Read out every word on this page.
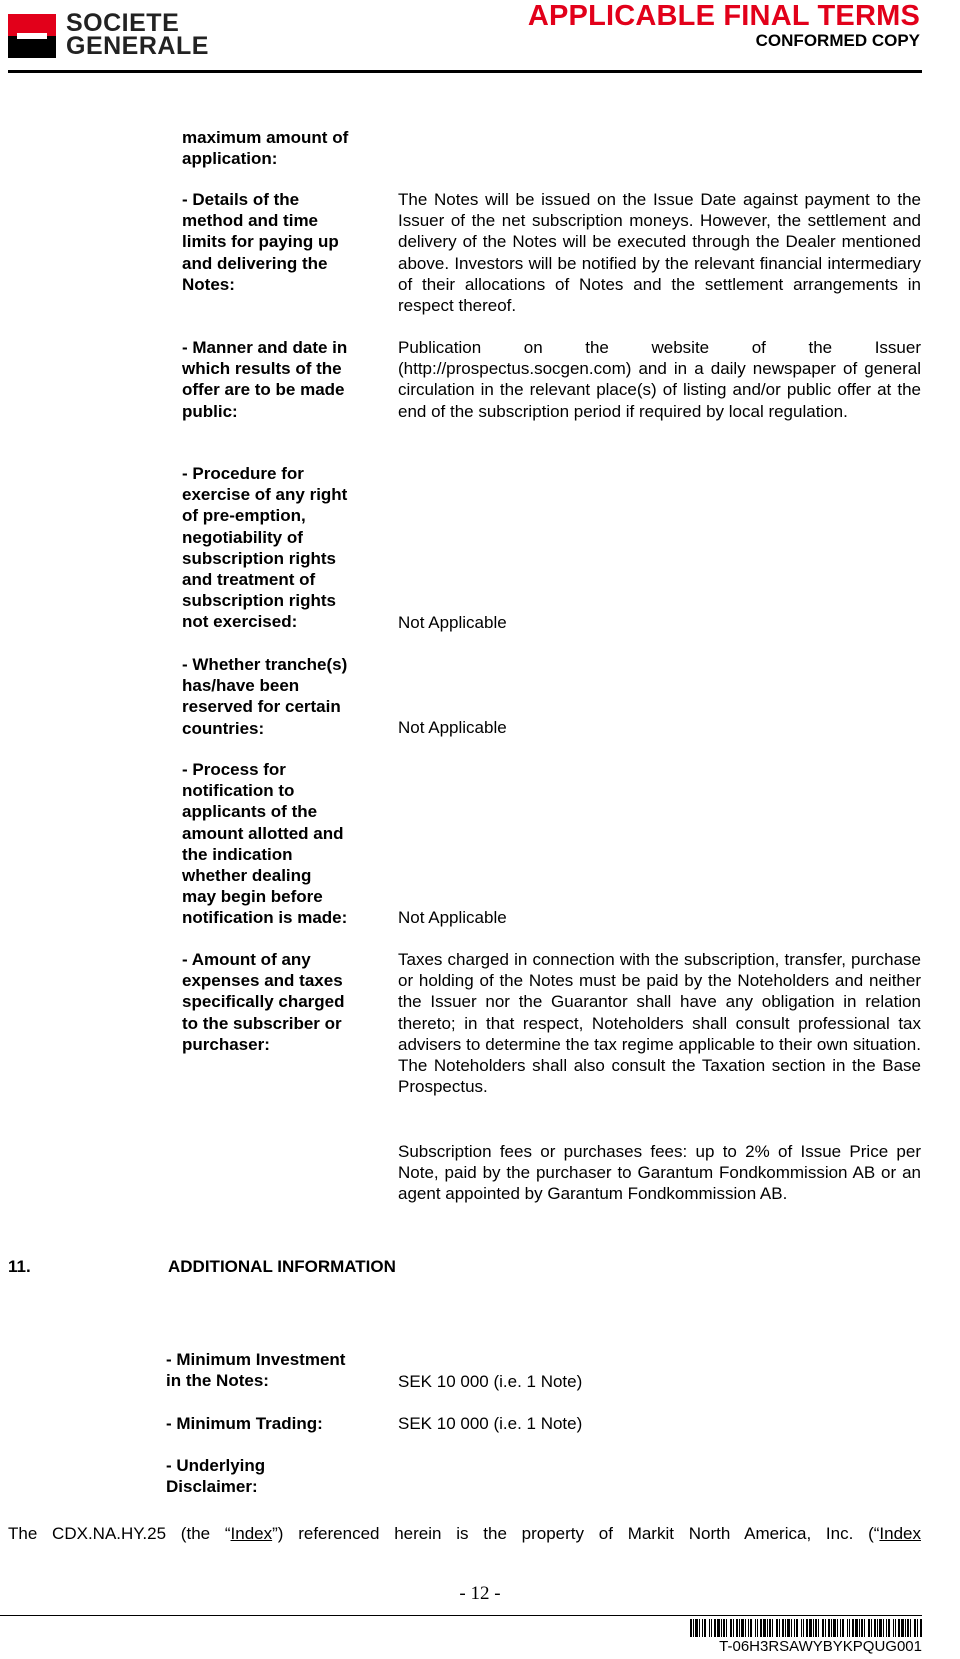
SOCIETE
GENERALE
APPLICABLE FINAL TERMS
CONFORMED COPY
maximum amount of
application:
- Details of the
method and time
limits for paying up
and delivering the
Notes:
The Notes will be issued on the Issue Date against payment to the Issuer of the net subscription moneys. However, the settlement and delivery of the Notes will be executed through the Dealer mentioned above. Investors will be notified by the relevant financial intermediary of their allocations of Notes and the settlement arrangements in respect thereof.
- Manner and date in
which results of the
offer are to be made
public:
Publication on the website of the Issuer (http://prospectus.socgen.com) and in a daily newspaper of general circulation in the relevant place(s) of listing and/or public offer at the end of the subscription period if required by local regulation.
- Procedure for
exercise of any right
of pre-emption,
negotiability of
subscription rights
and treatment of
subscription rights
not exercised:	Not Applicable
- Whether tranche(s)
has/have been
reserved for certain
countries:	Not Applicable
- Process for
notification to
applicants of the
amount allotted and
the indication
whether dealing
may begin before
notification is made:	Not Applicable
- Amount of any
expenses and taxes
specifically charged
to the subscriber or
purchaser:
Taxes charged in connection with the subscription, transfer, purchase or holding of the Notes must be paid by the Noteholders and neither the Issuer nor the Guarantor shall have any obligation in relation thereto; in that respect, Noteholders shall consult professional tax advisers to determine the tax regime applicable to their own situation. The Noteholders shall also consult the Taxation section in the Base Prospectus.
Subscription fees or purchases fees: up to 2% of Issue Price per Note, paid by the purchaser to Garantum Fondkommission AB or an agent appointed by Garantum Fondkommission AB.
11.	ADDITIONAL INFORMATION
- Minimum Investment
in the Notes:	SEK 10 000 (i.e. 1 Note)
- Minimum Trading:	SEK 10 000 (i.e. 1 Note)
- Underlying
Disclaimer:
The CDX.NA.HY.25 (the “Index”) referenced herein is the property of Markit North America, Inc. (“Index
- 12 -
T-06H3RSAWYBYKPQUG001
